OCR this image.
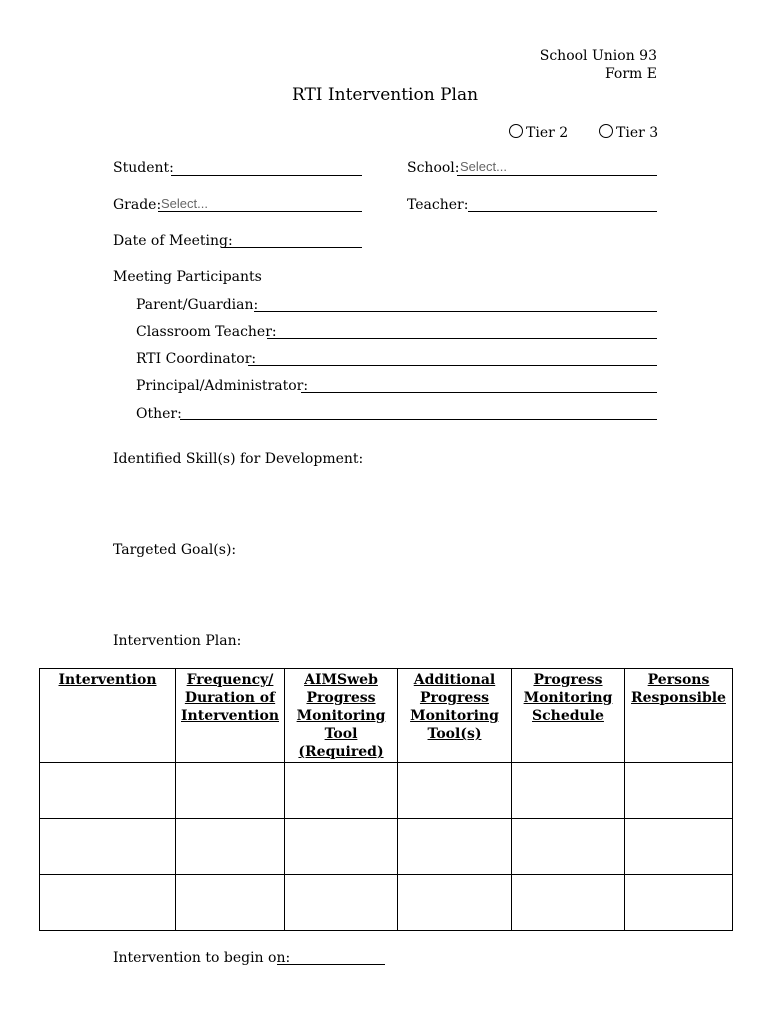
School Union 93
Form E
RTI Intervention Plan
Tier 2	Tier 3
Student:	School: Select...
Grade: Select...	Teacher:
Date of Meeting:
Meeting Participants
Parent/Guardian:
Classroom Teacher:
RTI Coordinator:
Principal/Administrator:
Other:
Identified Skill(s) for Development:
Targeted Goal(s):
Intervention Plan:
Intervention	Frequency/ Duration of Intervention	AIMSweb Progress Monitoring Tool (Required)	Additional Progress Monitoring Tool(s)	Progress Monitoring Schedule	Persons Responsible

Intervention to begin on:
